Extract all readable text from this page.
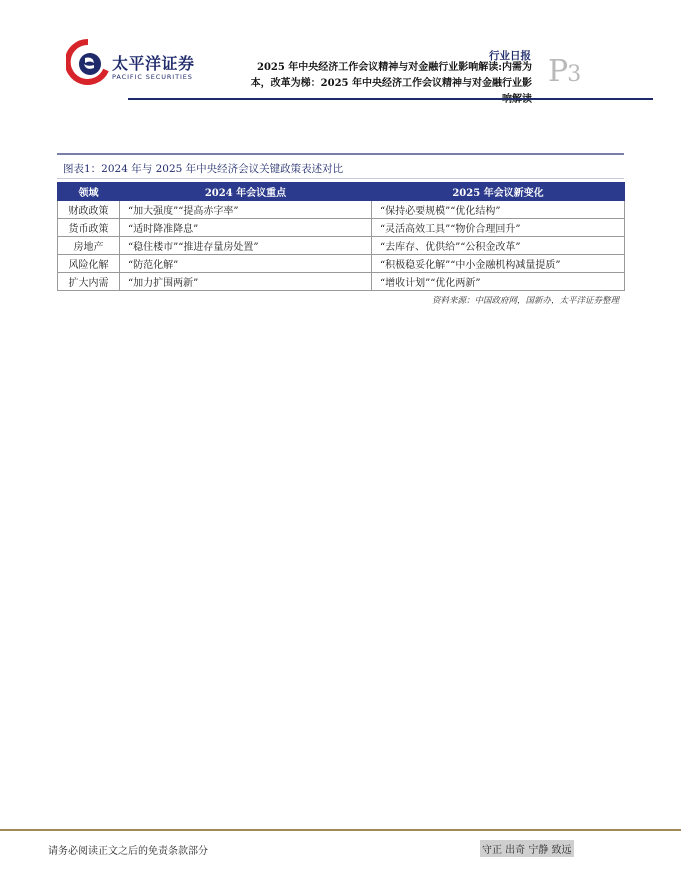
太平洋证券
PACIFIC SECURITIES
行业日报
2025 年中央经济工作会议精神与对金融行业影响解读:内需为
本，改革为梯：2025 年中央经济工作会议精神与对金融行业影 P3
图表1：2024 年与 2025 年中央经济会议关键政策表述对比
领域	2024 年会议重点	2025 年会议新变化
财政政策	“加大强度”“提高赤字率”	“保持必要规模”“优化结构”
货币政策	“适时降准降息”	“灵活高效工具”“物价合理回升”
房地产	“稳住楼市”“推进存量房处置”	“去库存、优供给”“公积金改革”
风险化解	“防范化解”	“积极稳妥化解”“中小金融机构减量提质”
扩大内需	“加力扩围两新”	“增收计划”“优化两新”
资料来源：中国政府网，国新办，太平洋证券整理
请务必阅读正文之后的免责条款部分	守正 出奇 宁静 致远
